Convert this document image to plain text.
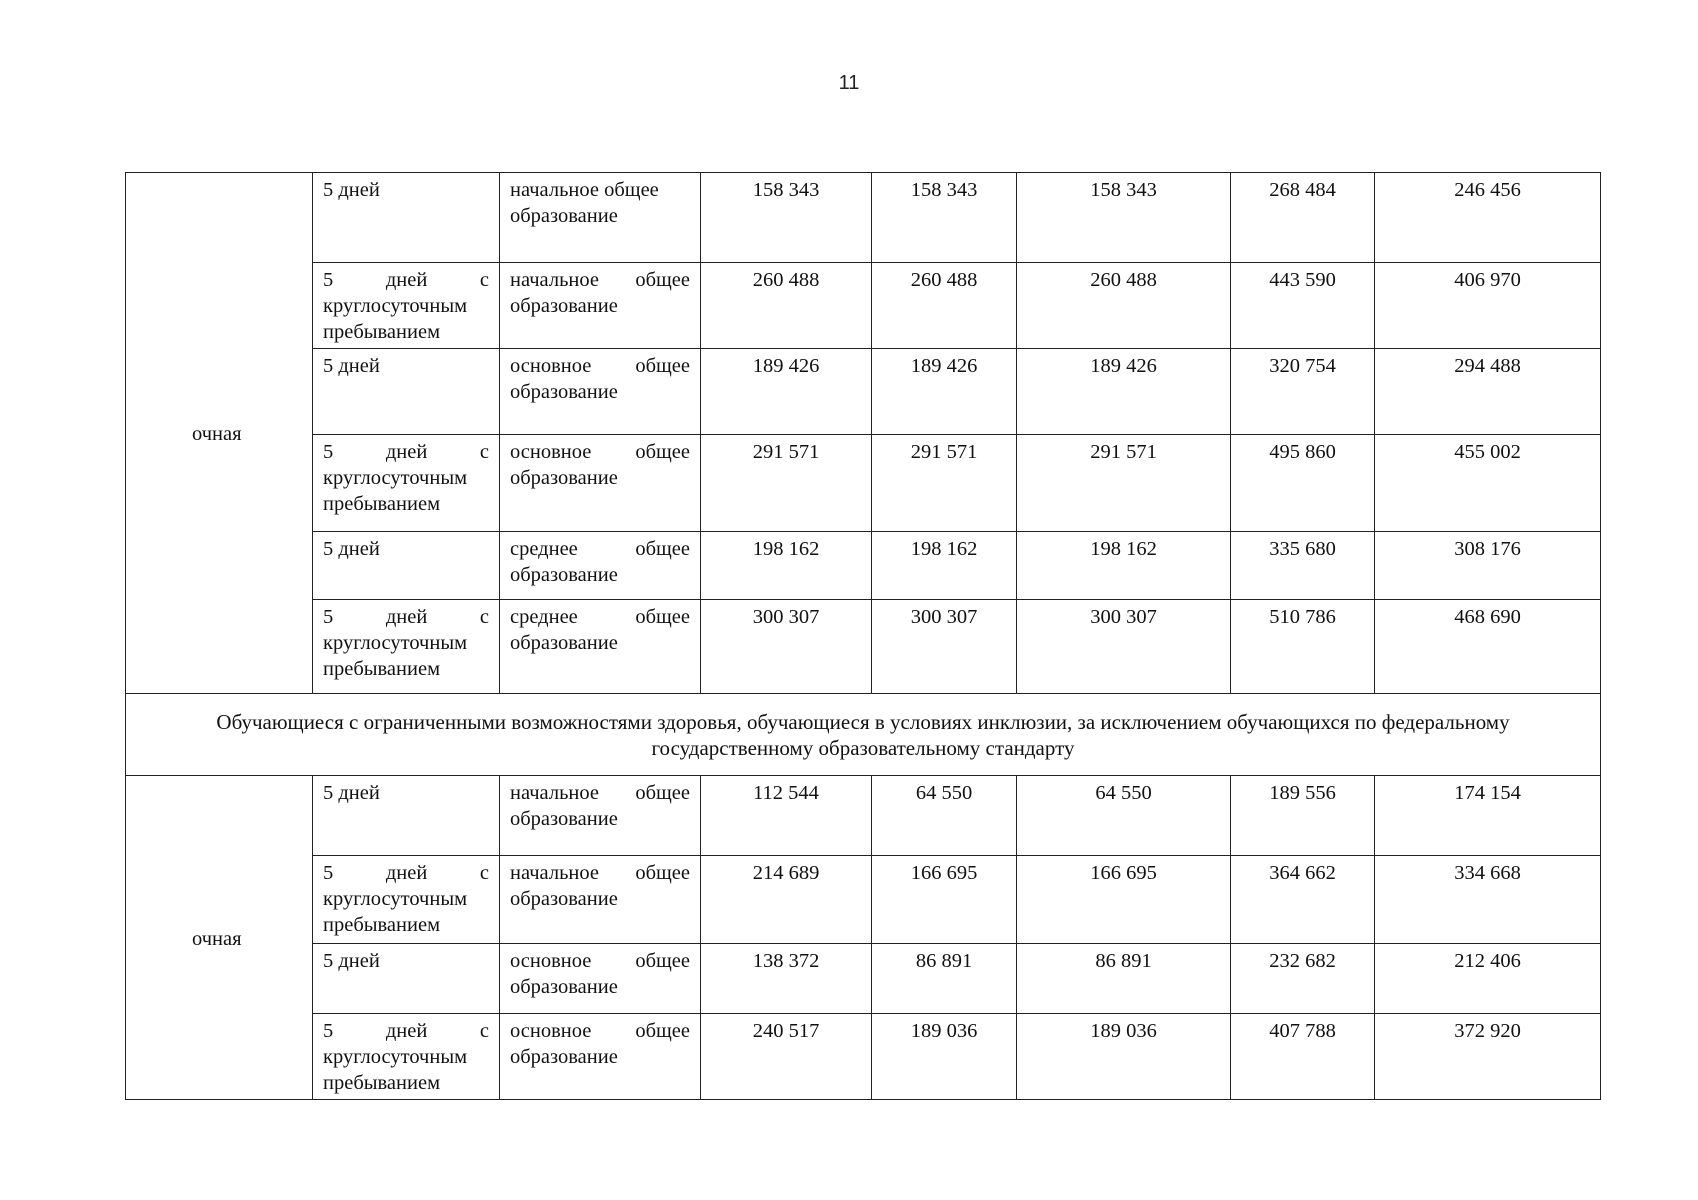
11
очная	5 дней	начальное общее образование	158 343	158 343	158 343	268 484	246 456
	5 дней с круглосуточным пребыванием	начальное общее образование	260 488	260 488	260 488	443 590	406 970
	5 дней	основное общее образование	189 426	189 426	189 426	320 754	294 488
	5 дней с круглосуточным пребыванием	основное общее образование	291 571	291 571	291 571	495 860	455 002
	5 дней	среднее общее образование	198 162	198 162	198 162	335 680	308 176
	5 дней с круглосуточным пребыванием	среднее общее образование	300 307	300 307	300 307	510 786	468 690
Обучающиеся с ограниченными возможностями здоровья, обучающиеся в условиях инклюзии, за исключением обучающихся по федеральному государственному образовательному стандарту							
очная	5 дней	начальное общее образование	112 544	64 550	64 550	189 556	174 154
	5 дней с круглосуточным пребыванием	начальное общее образование	214 689	166 695	166 695	364 662	334 668
	5 дней	основное общее образование	138 372	86 891	86 891	232 682	212 406
	5 дней с круглосуточным пребыванием	основное общее образование	240 517	189 036	189 036	407 788	372 920
